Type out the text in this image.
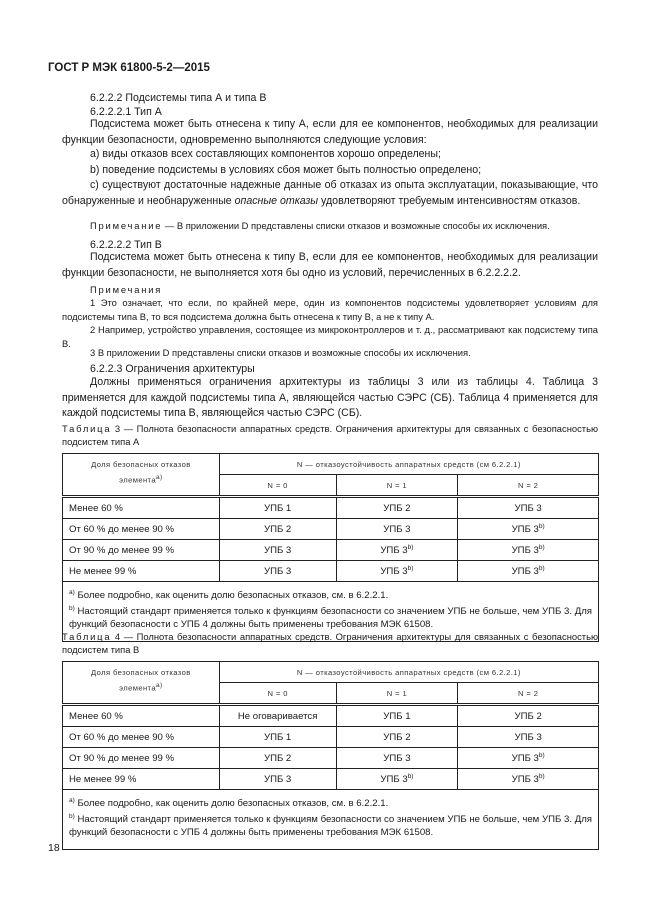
ГОСТ Р МЭК 61800-5-2—2015
6.2.2.2 Подсистемы типа А и типа В
6.2.2.2.1 Тип А
Подсистема может быть отнесена к типу А, если для ее компонентов, необходимых для реализации функции безопасности, одновременно выполняются следующие условия:
a) виды отказов всех составляющих компонентов хорошо определены;
b) поведение подсистемы в условиях сбоя может быть полностью определено;
c) существуют достаточные надежные данные об отказах из опыта эксплуатации, показывающие, что обнаруженные и необнаруженные опасные отказы удовлетворяют требуемым интенсивностям отказов.
Примечание — В приложении D представлены списки отказов и возможные способы их исключения.
6.2.2.2.2 Тип В
Подсистема может быть отнесена к типу В, если для ее компонентов, необходимых для реализации функции безопасности, не выполняется хотя бы одно из условий, перечисленных в 6.2.2.2.2.
Примечания
1 Это означает, что если, по крайней мере, один из компонентов подсистемы удовлетворяет условиям для подсистемы типа В, то вся подсистема должна быть отнесена к типу В, а не к типу А.
2 Например, устройство управления, состоящее из микроконтроллеров и т. д., рассматривают как подсистему типа В.
3 В приложении D представлены списки отказов и возможные способы их исключения.
6.2.2.3 Ограничения архитектуры
Должны применяться ограничения архитектуры из таблицы 3 или из таблицы 4. Таблица 3 применяется для каждой подсистемы типа А, являющейся частью СЭРС (СБ). Таблица 4 применяется для каждой подсистемы типа В, являющейся частью СЭРС (СБ).
Таблица 3 — Полнота безопасности аппаратных средств. Ограничения архитектуры для связанных с безопасностью подсистем типа А
Доля безопасных отказов элемента$^{a)}$	N — отказоустойчивость аппаратных средств (см 6.2.2.1)		
	N = 0	N = 1	N = 2
Менее 60 %	УПБ 1	УПБ 2	УПБ 3
От 60 % до менее 90 %	УПБ 2	УПБ 3	УПБ 3$^{b)}$
От 90 % до менее 99 %	УПБ 3	УПБ 3$^{b)}$	УПБ 3$^{b)}$
Не менее 99 %	УПБ 3	УПБ 3$^{b)}$	УПБ 3$^{b)}$

$^{a)}$ Более подробно, как оценить долю безопасных отказов, см. в 6.2.2.1.
$^{b)}$ Настоящий стандарт применяется только к функциям безопасности со значением УПБ не больше, чем УПБ 3. Для функций безопасности с УПБ 4 должны быть применены требования МЭК 61508.			
Таблица 4 — Полнота безопасности аппаратных средств. Ограничения архитектуры для связанных с безопасностью подсистем типа В
Доля безопасных отказов элемента$^{a)}$	N — отказоустойчивость аппаратных средств (см 6.2.2.1)		
	N = 0	N = 1	N = 2
Менее 60 %	Не оговаривается	УПБ 1	УПБ 2
От 60 % до менее 90 %	УПБ 1	УПБ 2	УПБ 3
От 90 % до менее 99 %	УПБ 2	УПБ 3	УПБ 3$^{b)}$
Не менее 99 %	УПБ 3	УПБ 3$^{b)}$	УПБ 3$^{b)}$

$^{a)}$ Более подробно, как оценить долю безопасных отказов, см. в 6.2.2.1.
$^{b)}$ Настоящий стандарт применяется только к функциям безопасности со значением УПБ не больше, чем УПБ 3. Для функций безопасности с УПБ 4 должны быть применены требования МЭК 61508.			
18
